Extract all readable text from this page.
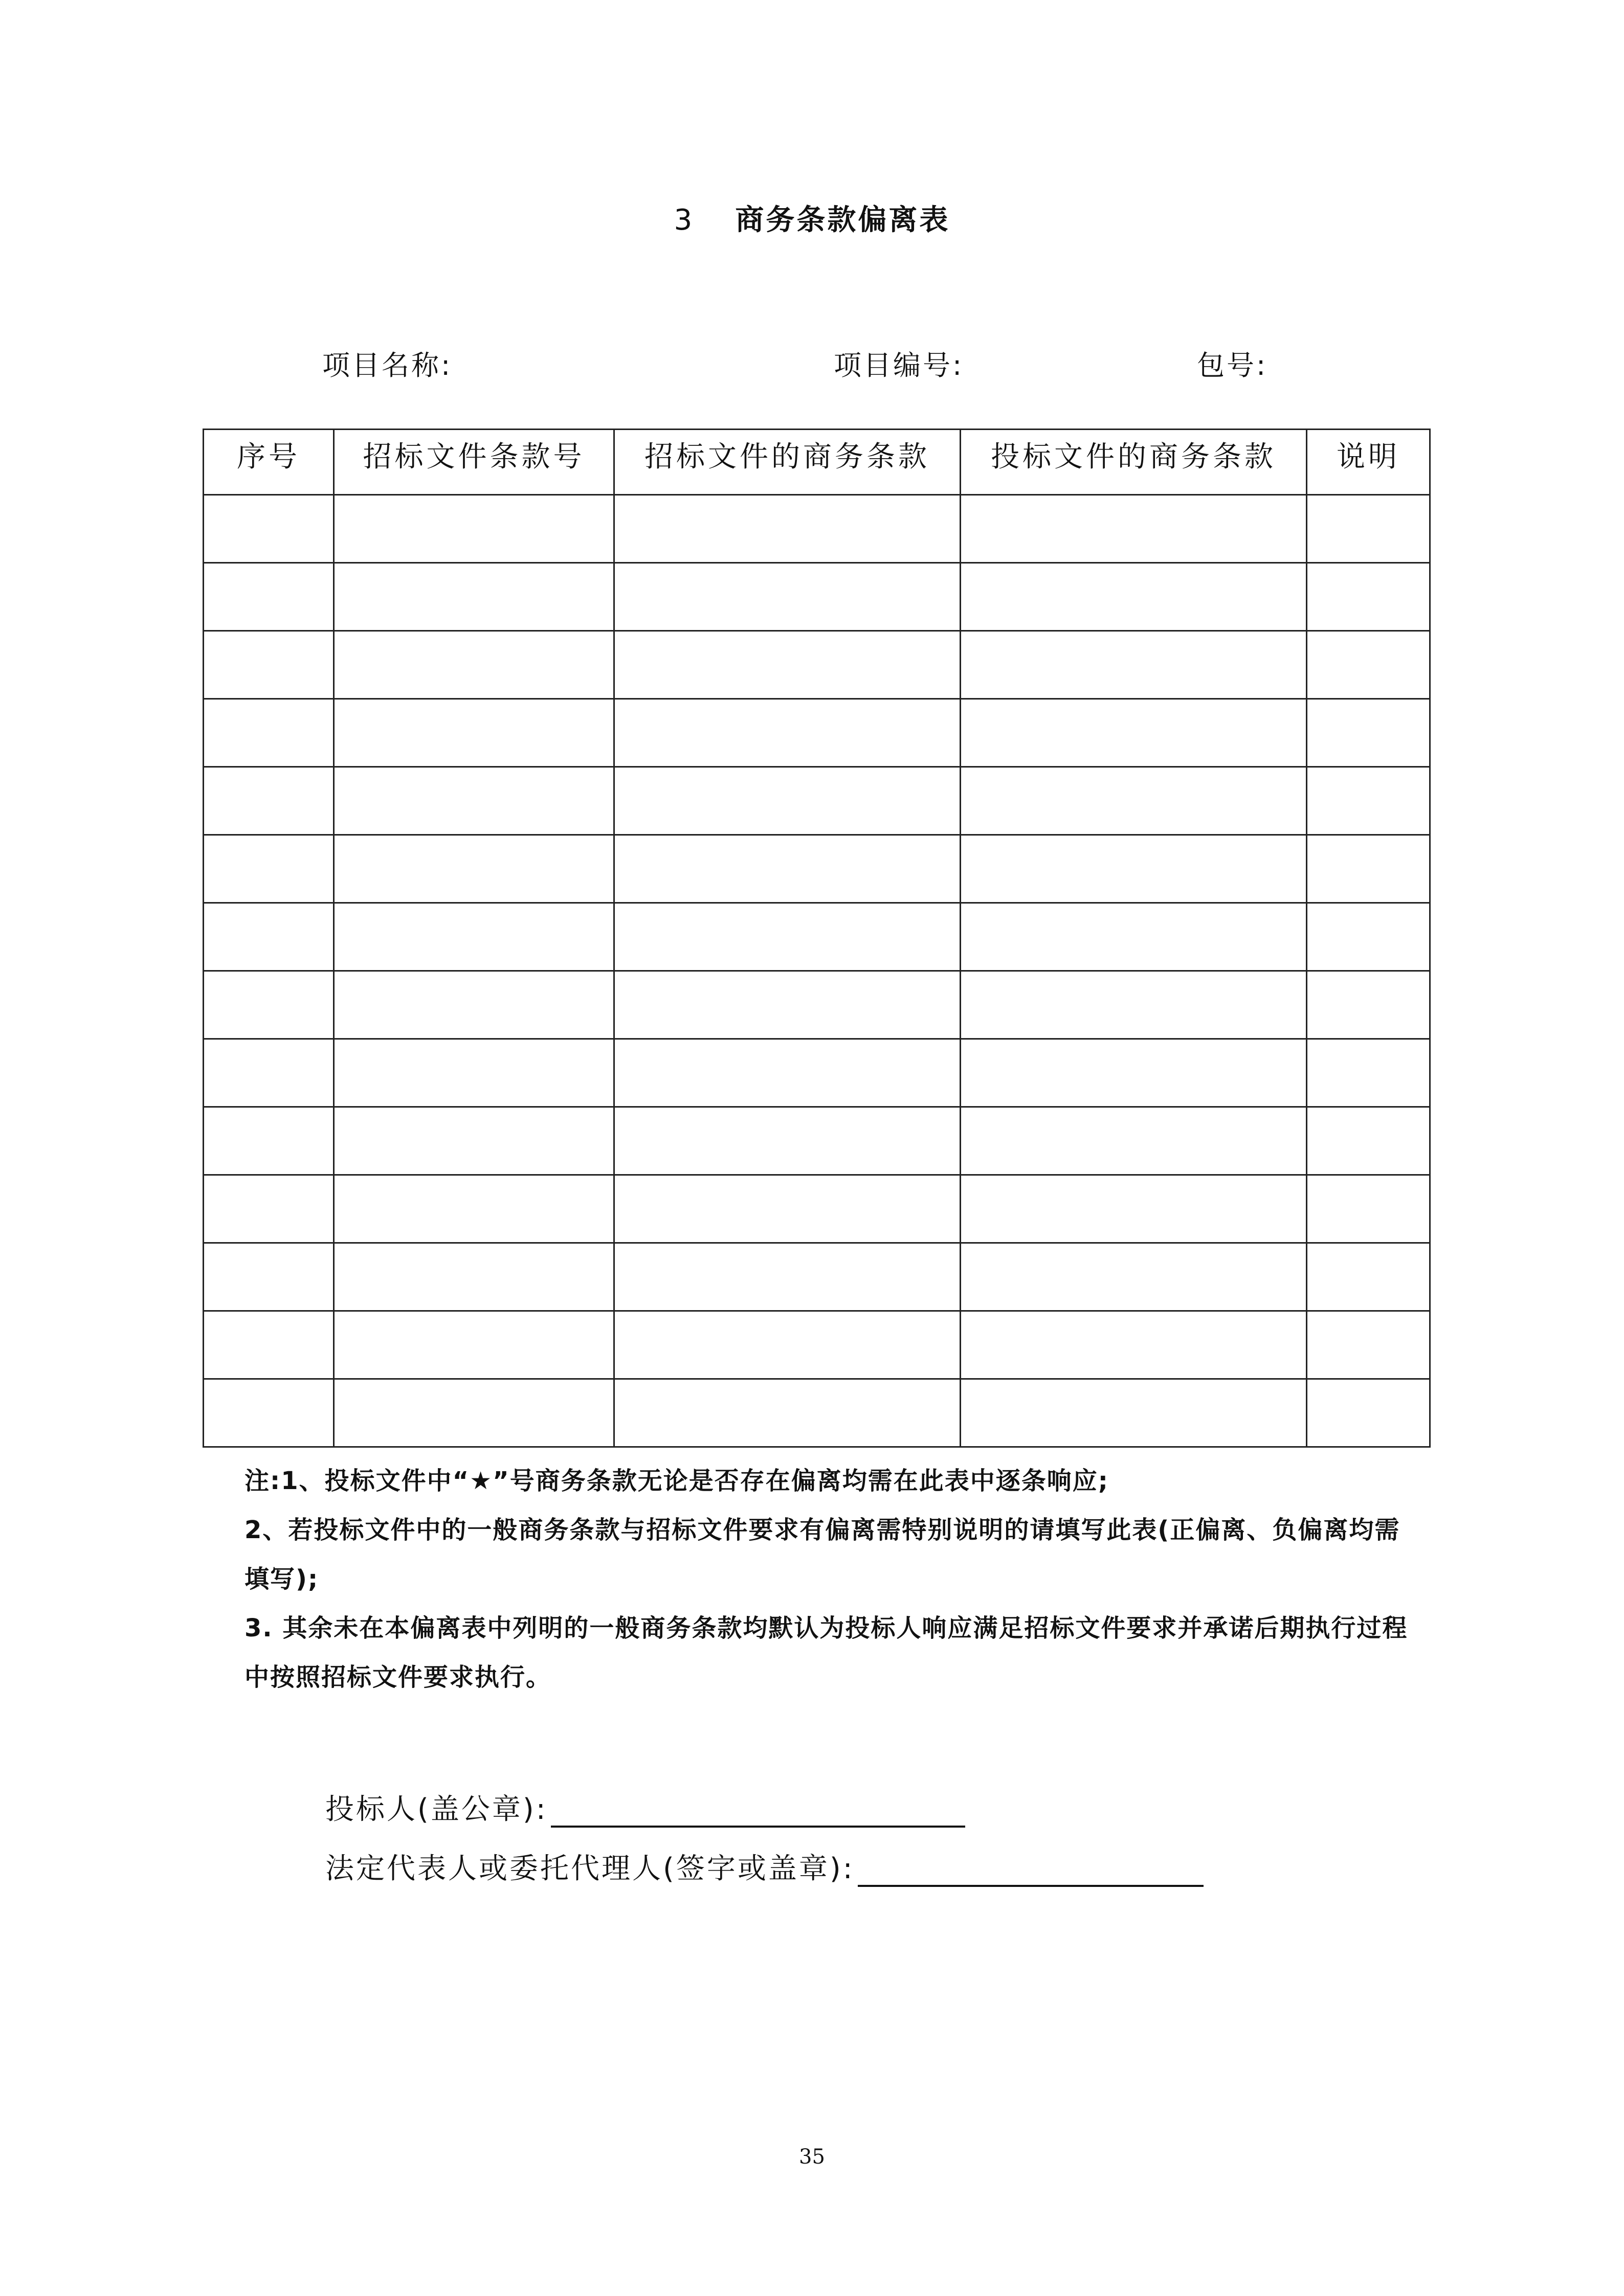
3 商务条款偏离表
项目名称:	项目编号:	包号:
序号	招标文件条款号	招标文件的商务条款	投标文件的商务条款	说明

注:1、投标文件中“★”号商务条款无论是否存在偏离均需在此表中逐条响应;

2、若投标文件中的一般商务条款与招标文件要求有偏离需特别说明的请填写此表(正偏离、负偏离均需填写);

3. 其余未在本偏离表中列明的一般商务条款均默认为投标人响应满足招标文件要求并承诺后期执行过程中按照招标文件要求执行。

投标人(盖公章):
法定代表人或委托代理人(签字或盖章):
35
